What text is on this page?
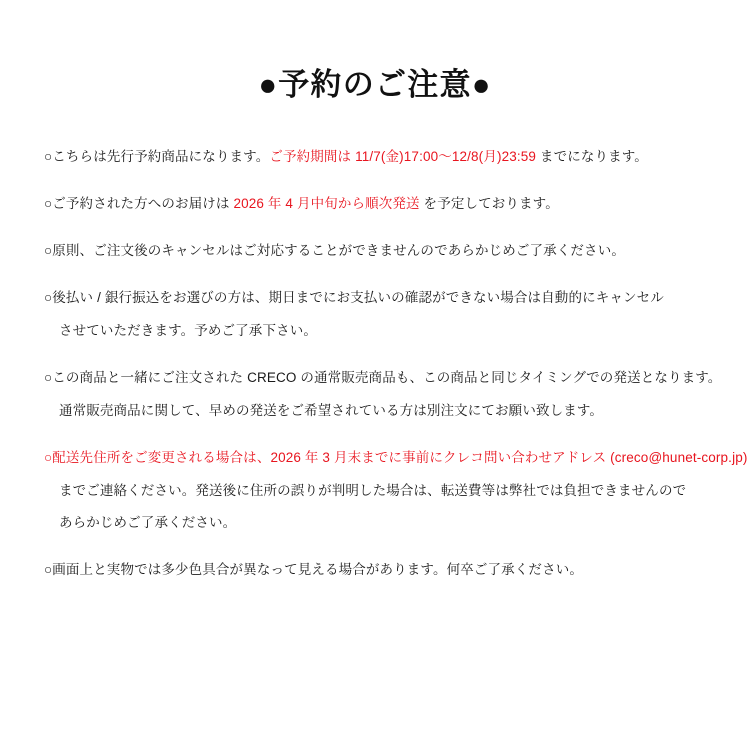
●予約のご注意●
○こちらは先行予約商品になります。ご予約期間は 11/7(金)17:00～12/8(月)23:59 までになります。
○ご予約された方へのお届けは 2026 年 4 月中旬から順次発送 を予定しております。
○原則、ご注文後のキャンセルはご対応することができませんのであらかじめご了承ください。
○後払い / 銀行振込をお選びの方は、期日までにお支払いの確認ができない場合は自動的にキャンセル
させていただきます。予めご了承下さい。
○この商品と一緒にご注文された CRECO の通常販売商品も、この商品と同じタイミングでの発送となります。
通常販売商品に関して、早めの発送をご希望されている方は別注文にてお願い致します。
○配送先住所をご変更される場合は、2026 年 3 月末までに事前にクレコ問い合わせアドレス (creco@hunet-corp.jp)
までご連絡ください。発送後に住所の誤りが判明した場合は、転送費等は弊社では負担できませんので
あらかじめご了承ください。
○画面上と実物では多少色具合が異なって見える場合があります。何卒ご了承ください。
